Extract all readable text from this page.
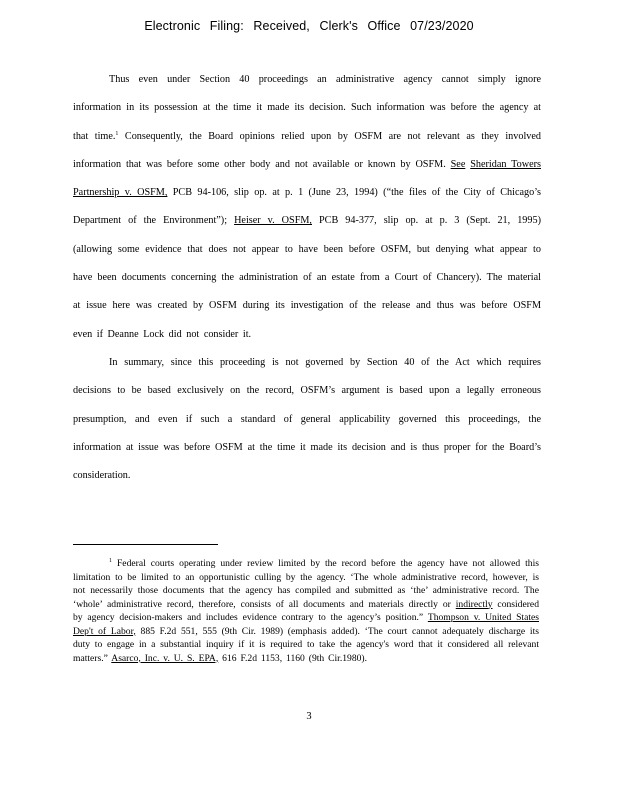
Electronic Filing: Received, Clerk's Office 07/23/2020

Thus even under Section 40 proceedings an administrative agency cannot simply ignore information in its possession at the time it made its decision. Such information was before the agency at that time.$^1$ Consequently, the Board opinions relied upon by OSFM are not relevant as they involved information that was before some other body and not available or known by OSFM. See Sheridan Towers Partnership v. OSFM, PCB 94-106, slip op. at p. 1 (June 23, 1994) (“the files of the City of Chicago’s Department of the Environment”); Heiser v. OSFM, PCB 94-377, slip op. at p. 3 (Sept. 21, 1995) (allowing some evidence that does not appear to have been before OSFM, but denying what appear to have been documents concerning the administration of an estate from a Court of Chancery). The material at issue here was created by OSFM during its investigation of the release and thus was before OSFM even if Deanne Lock did not consider it.

In summary, since this proceeding is not governed by Section 40 of the Act which requires decisions to be based exclusively on the record, OSFM’s argument is based upon a legally erroneous presumption, and even if such a standard of general applicability governed this proceedings, the information at issue was before OSFM at the time it made its decision and is thus proper for the Board’s consideration.

$^1$ Federal courts operating under review limited by the record before the agency have not allowed this limitation to be limited to an opportunistic culling by the agency. ‘The whole administrative record, however, is not necessarily those documents that the agency has compiled and submitted as ‘the’ administrative record. The ‘whole’ administrative record, therefore, consists of all documents and materials directly or indirectly considered by agency decision-makers and includes evidence contrary to the agency’s position.” Thompson v. United States Dep't of Labor, 885 F.2d 551, 555 (9th Cir. 1989) (emphasis added). ‘The court cannot adequately discharge its duty to engage in a substantial inquiry if it is required to take the agency's word that it considered all relevant matters.” Asarco, Inc. v. U. S. EPA, 616 F.2d 1153, 1160 (9th Cir.1980).

3
